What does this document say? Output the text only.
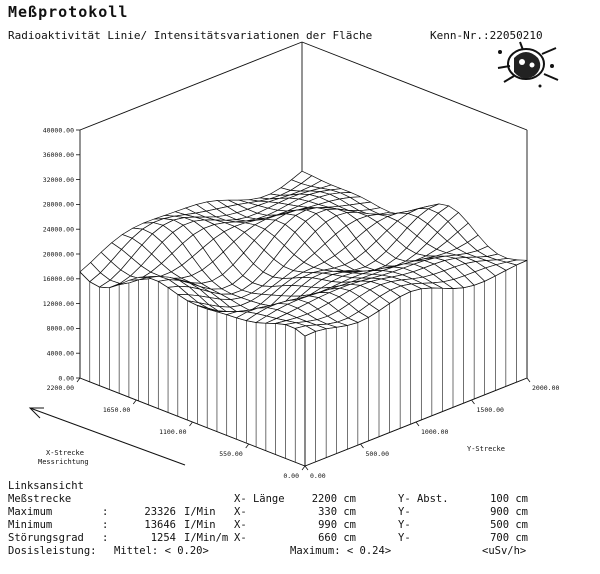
Meßprotokoll
Radioaktivität Linie/ Intensitätsvariationen der Fläche	Kenn-Nr.:22050210
0.00
4000.00
8000.00
12000.00
16000.00
20000.00
24000.00
28000.00
32000.00
36000.00
40000.00
2200.00
1650.00
1100.00
550.00
0.00 0.00
500.00
1000.00
1500.00
2000.00
X-Strecke
Messrichtung
Y-Strecke
Linksansicht
Meßstrecke	X- Länge	2200 cm	Y- Abst.	100 cm
Maximum	:	23326 I/Min X-	330 cm	Y-	900 cm
Minimum	:	13646 I/Min X-	990 cm	Y-	500 cm
Störungsgrad :	1254 I/Min/m X-	660 cm	Y-	700 cm
Dosisleistung: Mittel: < 0.20>	Maximum: < 0.24>	<uSv/h>
